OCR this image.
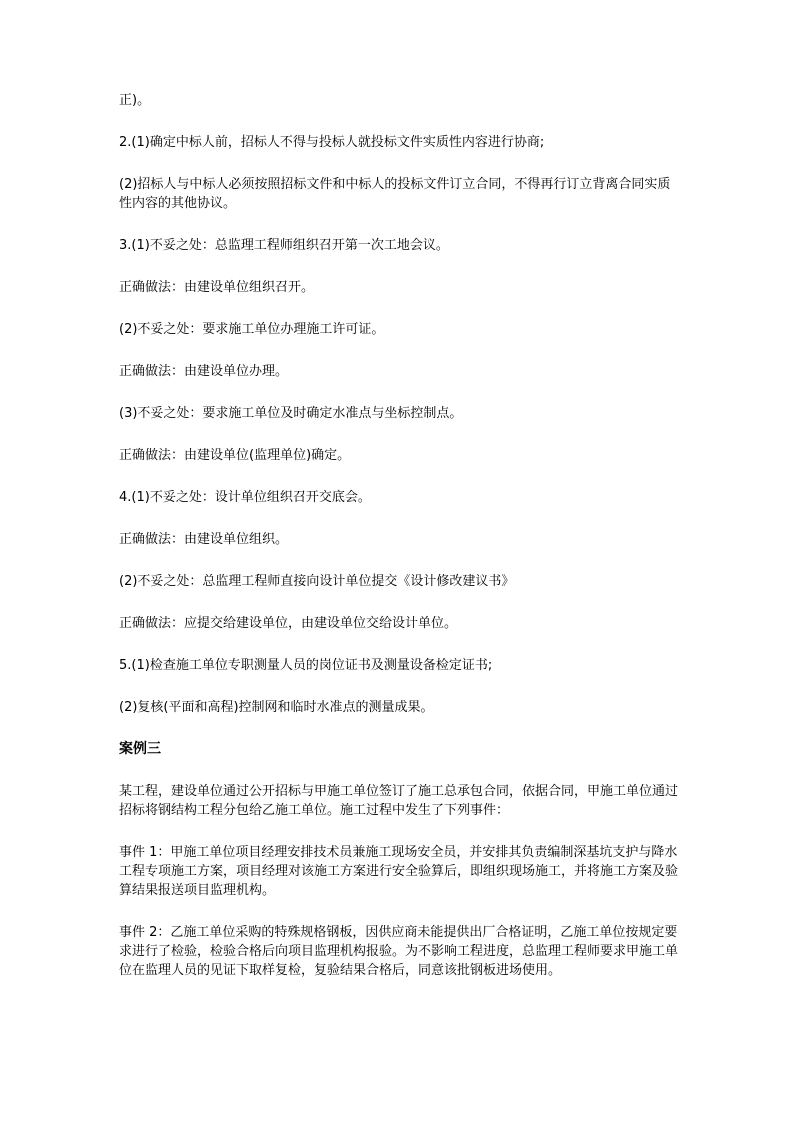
正)。

2.(1)确定中标人前，招标人不得与投标人就投标文件实质性内容进行协商;

(2)招标人与中标人必须按照招标文件和中标人的投标文件订立合同，不得再行订立背离合同实质性内容的其他协议。

3.(1)不妥之处：总监理工程师组织召开第一次工地会议。

正确做法：由建设单位组织召开。

(2)不妥之处：要求施工单位办理施工许可证。

正确做法：由建设单位办理。

(3)不妥之处：要求施工单位及时确定水准点与坐标控制点。

正确做法：由建设单位(监理单位)确定。

4.(1)不妥之处：设计单位组织召开交底会。

正确做法：由建设单位组织。

(2)不妥之处：总监理工程师直接向设计单位提交《设计修改建议书》

正确做法：应提交给建设单位，由建设单位交给设计单位。

5.(1)检查施工单位专职测量人员的岗位证书及测量设备检定证书;

(2)复核(平面和高程)控制网和临时水准点的测量成果。

案例三

某工程，建设单位通过公开招标与甲施工单位签订了施工总承包合同，依据合同，甲施工单位通过招标将钢结构工程分包给乙施工单位。施工过程中发生了下列事件：

事件 1：甲施工单位项目经理安排技术员兼施工现场安全员，并安排其负责编制深基坑支护与降水工程专项施工方案，项目经理对该施工方案进行安全验算后，即组织现场施工，并将施工方案及验算结果报送项目监理机构。

事件 2：乙施工单位采购的特殊规格钢板，因供应商未能提供出厂合格证明，乙施工单位按规定要求进行了检验，检验合格后向项目监理机构报验。为不影响工程进度，总监理工程师要求甲施工单位在监理人员的见证下取样复检，复验结果合格后，同意该批钢板进场使用。
